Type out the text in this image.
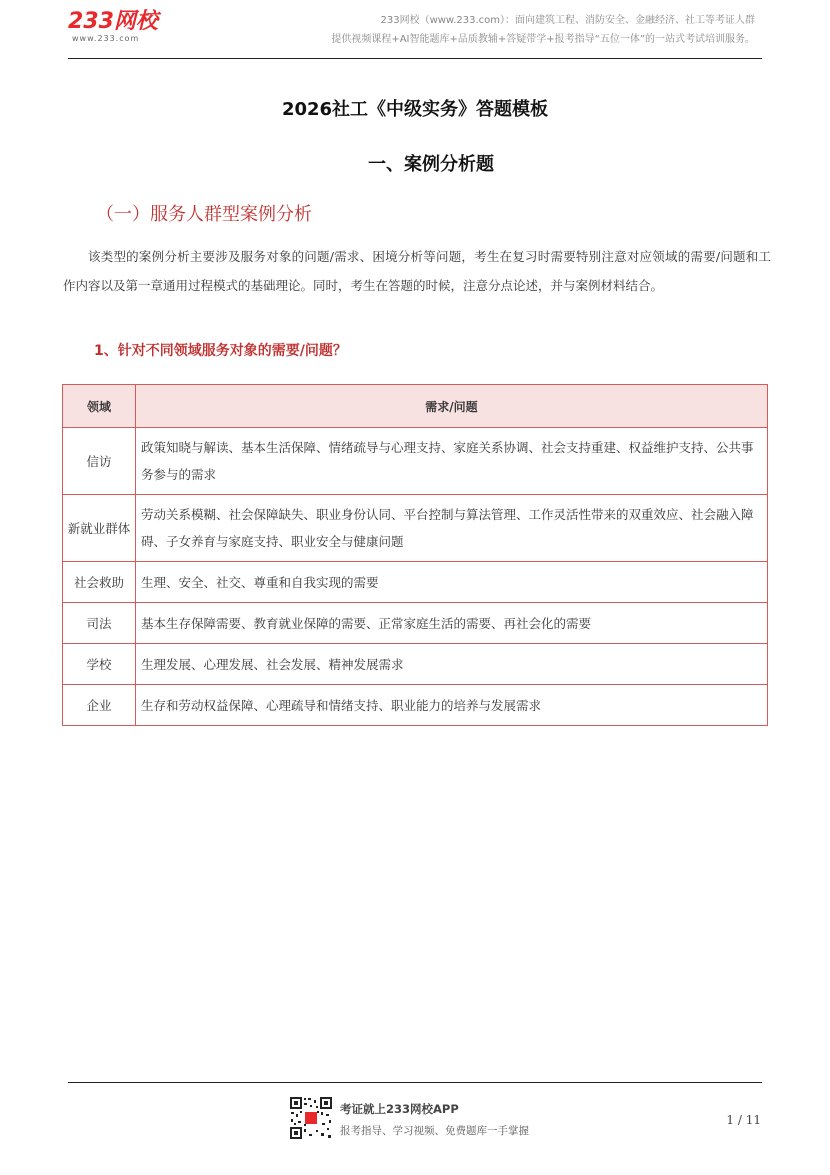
233网校
www.233.com
233网校（www.233.com）：面向建筑工程、消防安全、金融经济、社工等考证人群
提供视频课程+AI智能题库+品质教辅+答疑带学+报考指导“五位一体”的一站式考试培训服务。
2026社工《中级实务》答题模板
一、案例分析题
（一）服务人群型案例分析
该类型的案例分析主要涉及服务对象的问题/需求、困境分析等问题，考生在复习时需要特别注意对应领域的需要/问题和工作内容以及第一章通用过程模式的基础理论。同时，考生在答题的时候，注意分点论述，并与案例材料结合。
1、针对不同领域服务对象的需要/问题？
领域	需求/问题
信访	政策知晓与解读、基本生活保障、情绪疏导与心理支持、家庭关系协调、社会支持重建、权益维护支持、公共事务参与的需求
新就业群体	劳动关系模糊、社会保障缺失、职业身份认同、平台控制与算法管理、工作灵活性带来的双重效应、社会融入障碍、子女养育与家庭支持、职业安全与健康问题
社会救助	生理、安全、社交、尊重和自我实现的需要
司法	基本生存保障需要、教育就业保障的需要、正常家庭生活的需要、再社会化的需要
学校	生理发展、心理发展、社会发展、精神发展需求
企业	生存和劳动权益保障、心理疏导和情绪支持、职业能力的培养与发展需求
考证就上233网校APP
报考指导、学习视频、免费题库一手掌握
1 / 11
